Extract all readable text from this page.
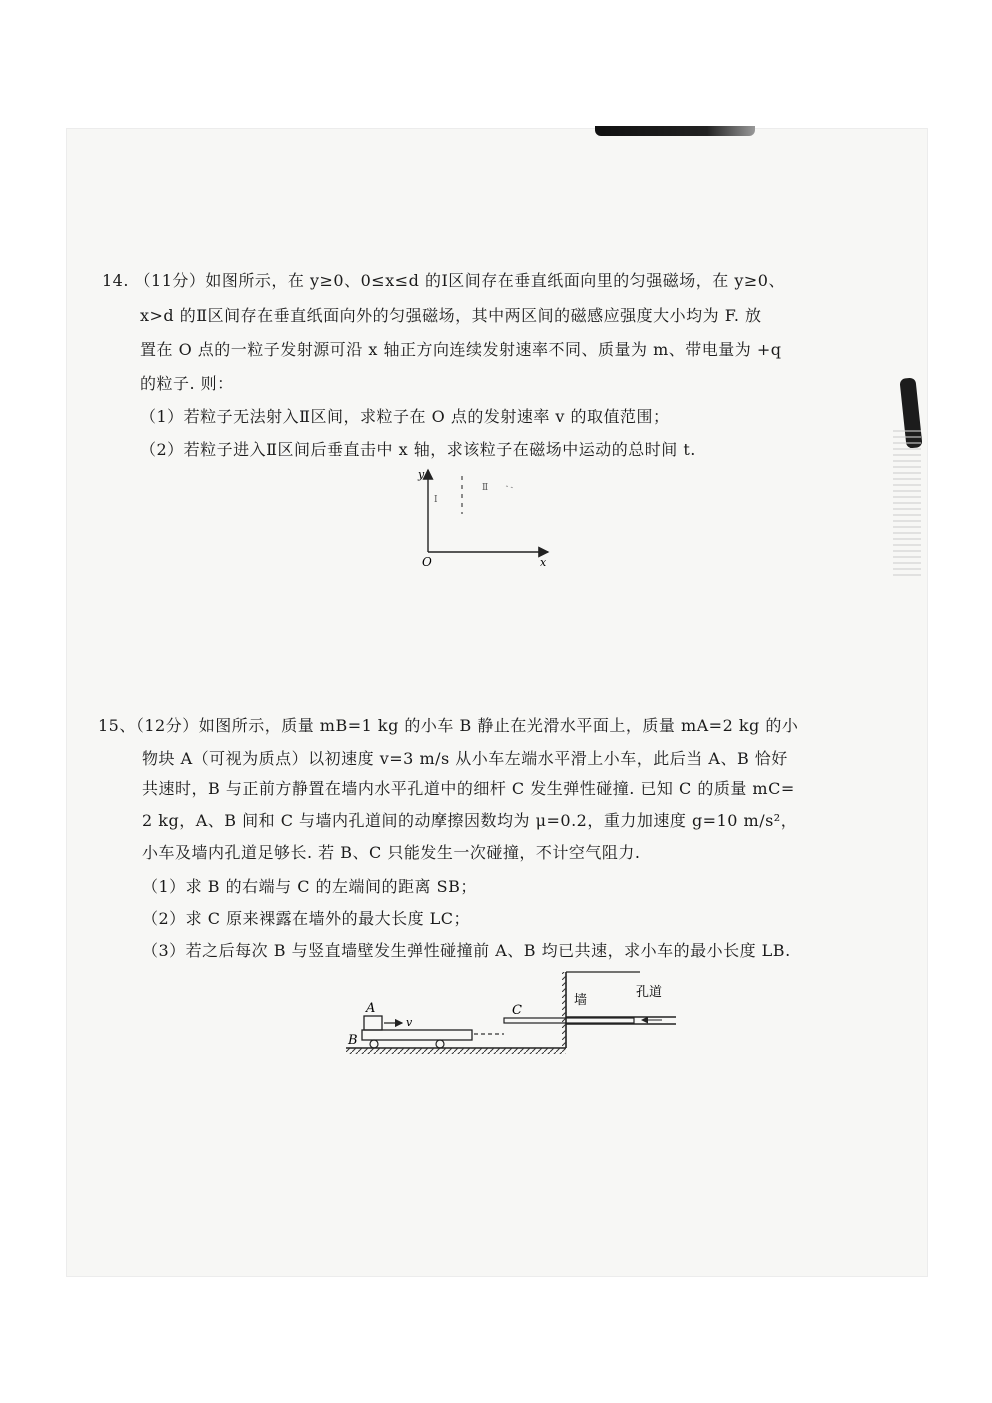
14. （11分）如图所示，在 y≥0、0≤x≤d 的Ⅰ区间存在垂直纸面向里的匀强磁场，在 y≥0、
x>d 的Ⅱ区间存在垂直纸面向外的匀强磁场，其中两区间的磁感应强度大小均为 F. 放
置在 O 点的一粒子发射源可沿 x 轴正方向连续发射速率不同、质量为 m、带电量为 +q
的粒子. 则：
（1）若粒子无法射入Ⅱ区间，求粒子在 O 点的发射速率 v 的取值范围；
（2）若粒子进入Ⅱ区间后垂直击中 x 轴，求该粒子在磁场中运动的总时间 t.
y
x
O
Ⅰ
Ⅱ
15、（12分）如图所示，质量 mB=1 kg 的小车 B 静止在光滑水平面上，质量 mA=2 kg 的小
物块 A（可视为质点）以初速度 v=3 m/s 从小车左端水平滑上小车，此后当 A、B 恰好
共速时，B 与正前方静置在墙内水平孔道中的细杆 C 发生弹性碰撞. 已知 C 的质量 mC=
2 kg，A、B 间和 C 与墙内孔道间的动摩擦因数均为 μ=0.2，重力加速度 g=10 m/s²，
小车及墙内孔道足够长. 若 B、C 只能发生一次碰撞，不计空气阻力.
（1）求 B 的右端与 C 的左端间的距离 SB；
（2）求 C 原来裸露在墙外的最大长度 LC；
（3）若之后每次 B 与竖直墙壁发生弹性碰撞前 A、B 均已共速，求小车的最小长度 LB.
A
B
v
C
墙
孔道
